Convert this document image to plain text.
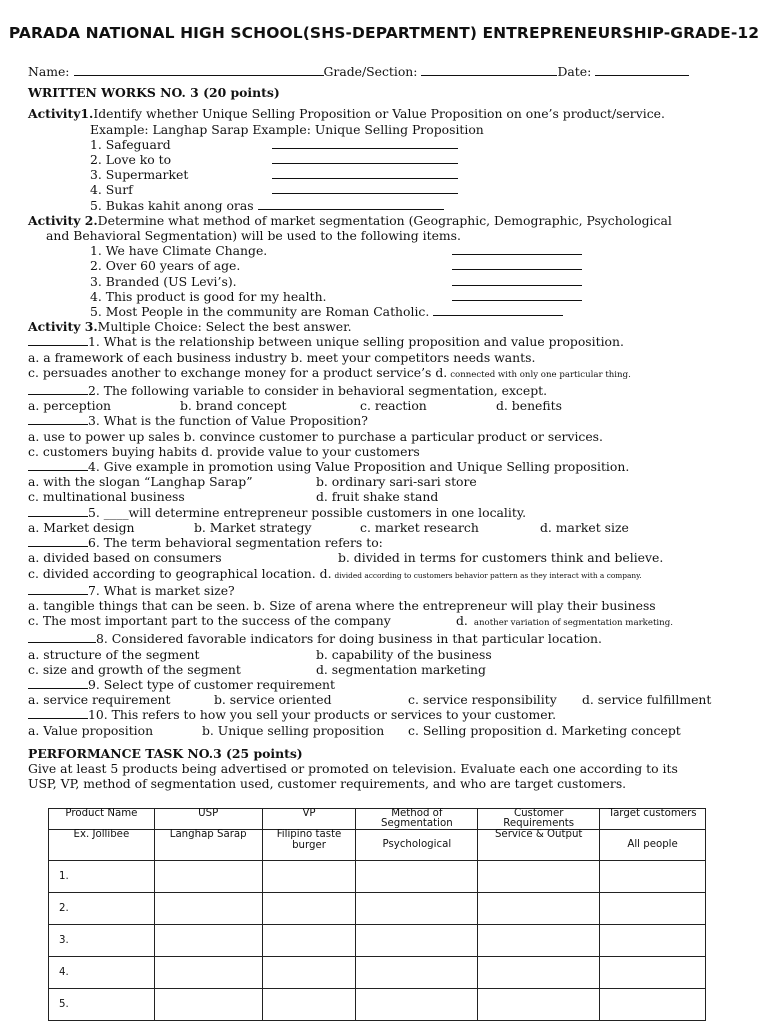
PARADA NATIONAL HIGH SCHOOL(SHS-DEPARTMENT) ENTREPRENEURSHIP-GRADE-12
Name:	Grade/Section:	Date:
WRITTEN WORKS NO. 3 (20 points)
Activity1. Identify whether Unique Selling Proposition or Value Proposition on one’s product/service.
Example: Langhap Sarap Example: Unique Selling Proposition
1. Safeguard
2. Love ko to
3. Supermarket
4. Surf
5. Bukas kahit anong oras
Activity 2. Determine what method of market segmentation (Geographic, Demographic, Psychological
and Behavioral Segmentation) will be used to the following items.
1. We have Climate Change.
2. Over 60 years of age.
3. Branded (US Levi’s).
4. This product is good for my health.
5. Most People in the community are Roman Catholic.
Activity 3. Multiple Choice: Select the best answer.
1. What is the relationship between unique selling proposition and value proposition.
a. a framework of each business industry b. meet your competitors needs wants.
c. persuades another to exchange money for a product service’s d. connected with only one particular thing.
2. The following variable to consider in behavioral segmentation, except.
a. perception	b. brand concept	c. reaction	d. benefits
3. What is the function of Value Proposition?
a. use to power up sales b. convince customer to purchase a particular product or services.
c. customers buying habits d. provide value to your customers
4. Give example in promotion using Value Proposition and Unique Selling proposition.
a. with the slogan “Langhap Sarap”	b. ordinary sari-sari store
c. multinational business	d. fruit shake stand
5. ____will determine entrepreneur possible customers in one locality.
a. Market design	b. Market strategy	c. market research	d. market size
6. The term behavioral segmentation refers to:
a. divided based on consumers	b. divided in terms for customers think and believe.
c. divided according to geographical location. d. divided according to customers behavior pattern as they interact with a company.
7. What is market size?
a. tangible things that can be seen. b. Size of arena where the entrepreneur will play their business
c. The most important part to the success of the company	d. another variation of segmentation marketing.
8. Considered favorable indicators for doing business in that particular location.
a. structure of the segment	b. capability of the business
c. size and growth of the segment	d. segmentation marketing
9. Select type of customer requirement
a. service requirement	b. service oriented	c. service responsibility	d. service fulfillment
10. This refers to how you sell your products or services to your customer.
a. Value proposition	b. Unique selling proposition	c. Selling proposition d. Marketing concept
PERFORMANCE TASK NO.3 (25 points)
Give at least 5 products being advertised or promoted on television. Evaluate each one according to its
USP, VP, method of segmentation used, customer requirements, and who are target customers.
Product Name	USP	VP	Method of Segmentation	Customer Requirements	Target customers
Ex. Jollibee	Langhap Sarap	Filipino taste burger	Psychological	Service & Output	All people
1.					
2.					
3.					
4.					
5.					
